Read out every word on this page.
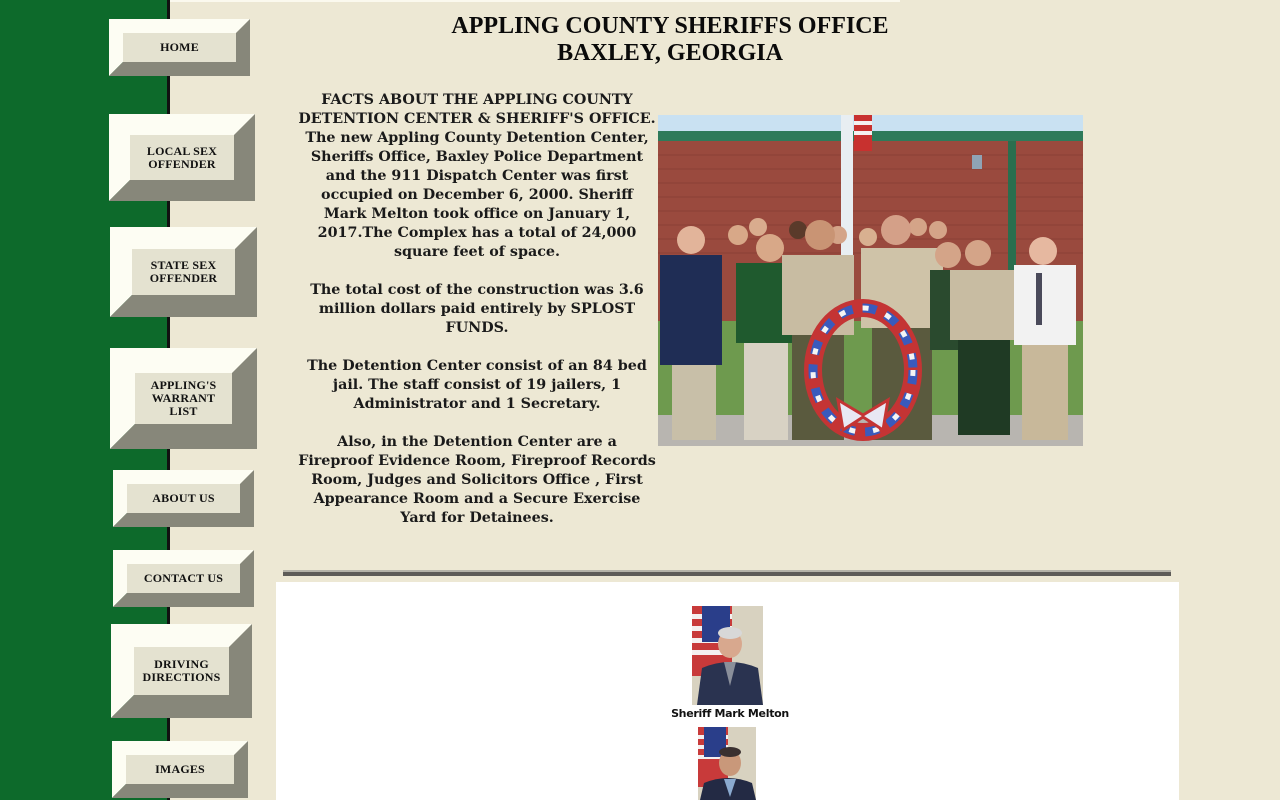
HOME
LOCAL SEX
OFFENDER
STATE SEX
OFFENDER
APPLING'S
WARRANT
LIST
ABOUT US
CONTACT US
DRIVING
DIRECTIONS
IMAGES
APPLING COUNTY SHERIFFS OFFICE
BAXLEY, GEORGIA

FACTS ABOUT THE APPLING COUNTY DETENTION CENTER & SHERIFF'S OFFICE.

The new Appling County Detention Center, Sheriffs Office, Baxley Police Department and the 911 Dispatch Center was first occupied on December 6, 2000. Sheriff Mark Melton took office on January 1, 2017.The Complex has a total of 24,000 square feet of space.

The total cost of the construction was 3.6 million dollars paid entirely by SPLOST FUNDS.

The Detention Center consist of an 84 bed jail. The staff consist of 19 jailers, 1 Administrator and 1 Secretary.

Also, in the Detention Center are a Fireproof Evidence Room, Fireproof Records Room, Judges and Solicitors Office , First Appearance Room and a Secure Exercise Yard for Detainees.

Sheriff Mark Melton
